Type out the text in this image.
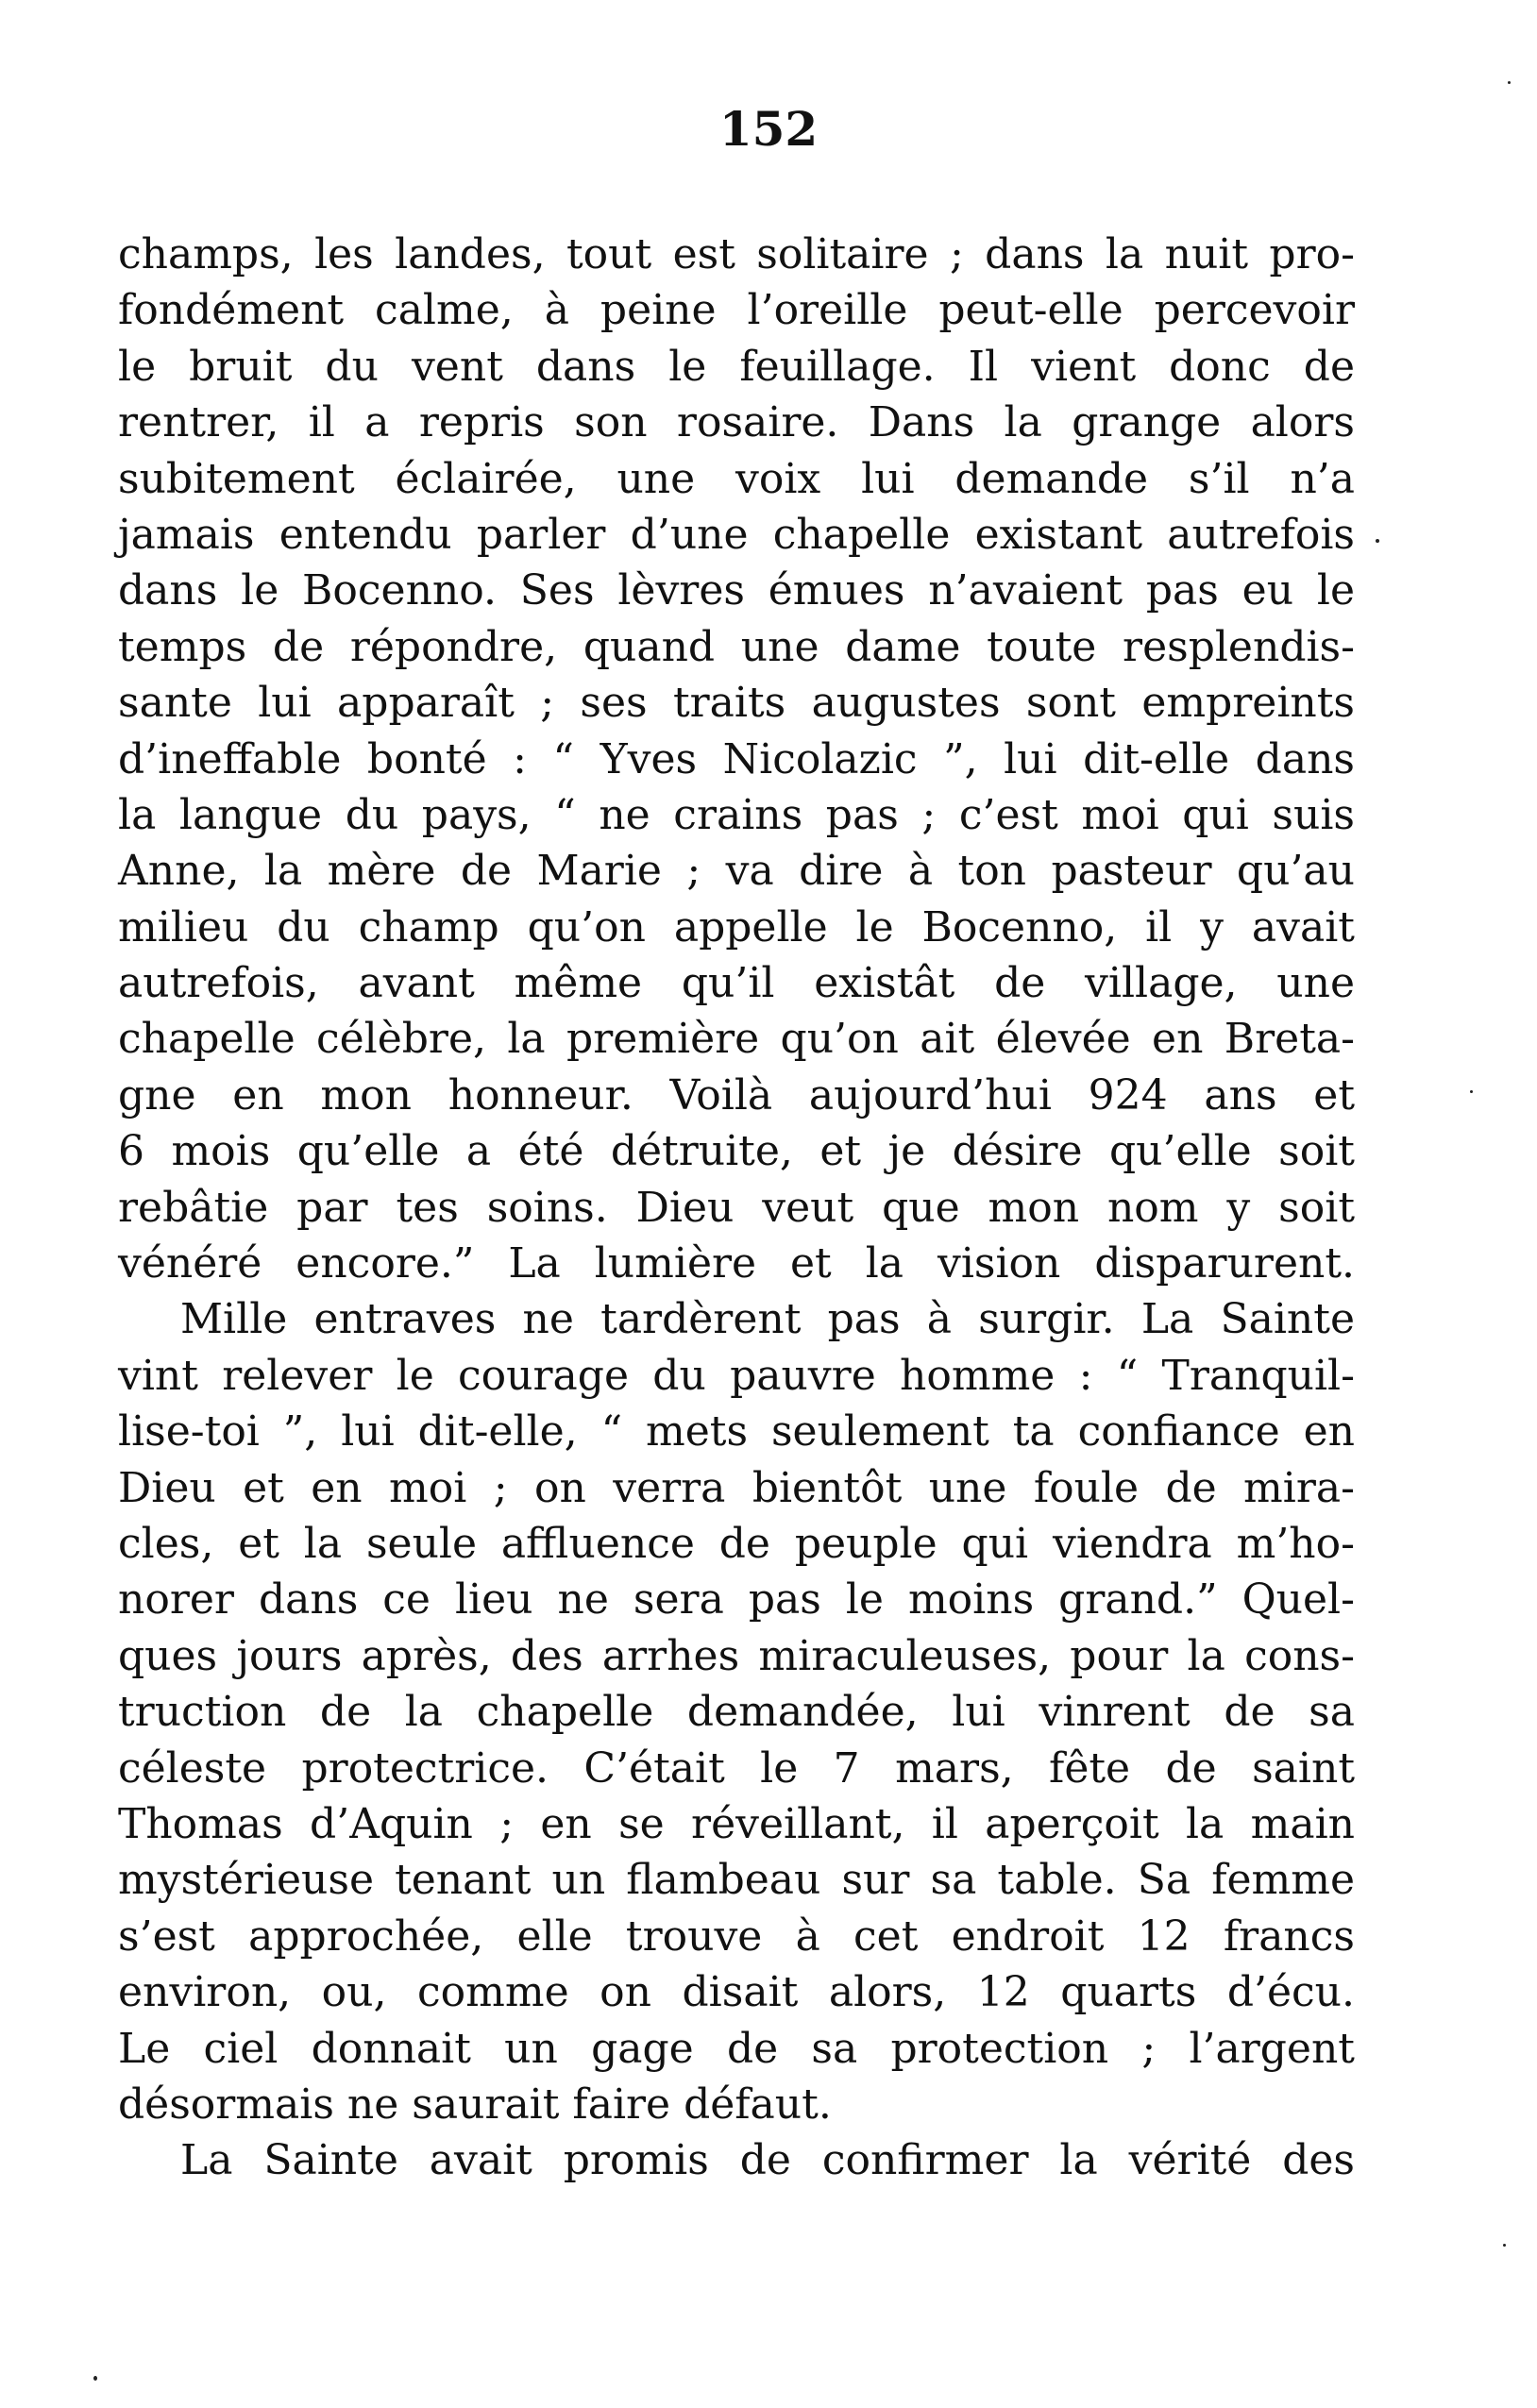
152
champs, les landes, tout est solitaire ; dans la nuit pro-
fondément calme, à peine l’oreille peut-elle percevoir
le bruit du vent dans le feuillage. Il vient donc de
rentrer, il a repris son rosaire. Dans la grange alors
subitement éclairée, une voix lui demande s’il n’a
jamais entendu parler d’une chapelle existant autrefois
dans le Bocenno. Ses lèvres émues n’avaient pas eu le
temps de répondre, quand une dame toute resplendis-
sante lui apparaît ; ses traits augustes sont empreints
d’ineffable bonté : “ Yves Nicolazic ”, lui dit-elle dans
la langue du pays, “ ne crains pas ; c’est moi qui suis
Anne, la mère de Marie ; va dire à ton pasteur qu’au
milieu du champ qu’on appelle le Bocenno, il y avait
autrefois, avant même qu’il existât de village, une
chapelle célèbre, la première qu’on ait élevée en Breta-
gne en mon honneur. Voilà aujourd’hui 924 ans et
6 mois qu’elle a été détruite, et je désire qu’elle soit
rebâtie par tes soins. Dieu veut que mon nom y soit
vénéré encore.” La lumière et la vision disparurent.
Mille entraves ne tardèrent pas à surgir. La Sainte
vint relever le courage du pauvre homme : “ Tranquil-
lise-toi ”, lui dit-elle, “ mets seulement ta confiance en
Dieu et en moi ; on verra bientôt une foule de mira-
cles, et la seule affluence de peuple qui viendra m’ho-
norer dans ce lieu ne sera pas le moins grand.” Quel-
ques jours après, des arrhes miraculeuses, pour la cons-
truction de la chapelle demandée, lui vinrent de sa
céleste protectrice. C’était le 7 mars, fête de saint
Thomas d’Aquin ; en se réveillant, il aperçoit la main
mystérieuse tenant un flambeau sur sa table. Sa femme
s’est approchée, elle trouve à cet endroit 12 francs
environ, ou, comme on disait alors, 12 quarts d’écu.
Le ciel donnait un gage de sa protection ; l’argent
désormais ne saurait faire défaut.
La Sainte avait promis de confirmer la vérité des
